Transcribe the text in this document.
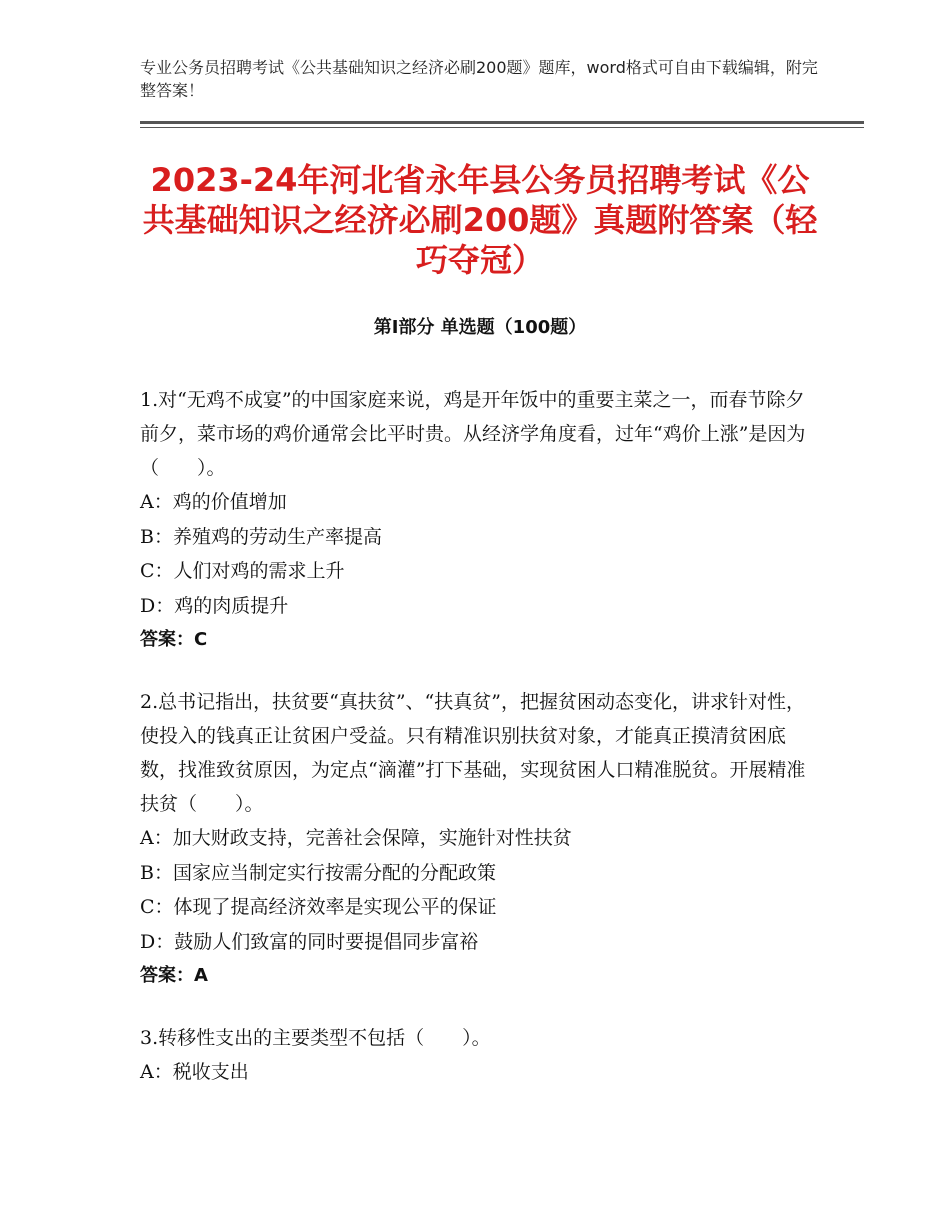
专业公务员招聘考试《公共基础知识之经济必刷200题》题库，word格式可自由下载编辑，附完整答案！
2023-24年河北省永年县公务员招聘考试《公共基础知识之经济必刷200题》真题附答案（轻巧夺冠）
第Ⅰ部分 单选题（100题）

1.对“无鸡不成宴”的中国家庭来说，鸡是开年饭中的重要主菜之一，而春节除夕前夕，菜市场的鸡价通常会比平时贵。从经济学角度看，过年“鸡价上涨”是因为（　　）。

A：鸡的价值增加

B：养殖鸡的劳动生产率提高

C：人们对鸡的需求上升

D：鸡的肉质提升

答案：C

2.总书记指出，扶贫要“真扶贫”、“扶真贫”，把握贫困动态变化，讲求针对性，使投入的钱真正让贫困户受益。只有精准识别扶贫对象，才能真正摸清贫困底数，找准致贫原因，为定点“滴灌”打下基础，实现贫困人口精准脱贫。开展精准扶贫（　　）。

A：加大财政支持，完善社会保障，实施针对性扶贫

B：国家应当制定实行按需分配的分配政策

C：体现了提高经济效率是实现公平的保证

D：鼓励人们致富的同时要提倡同步富裕

答案：A

3.转移性支出的主要类型不包括（　　）。

A：税收支出
